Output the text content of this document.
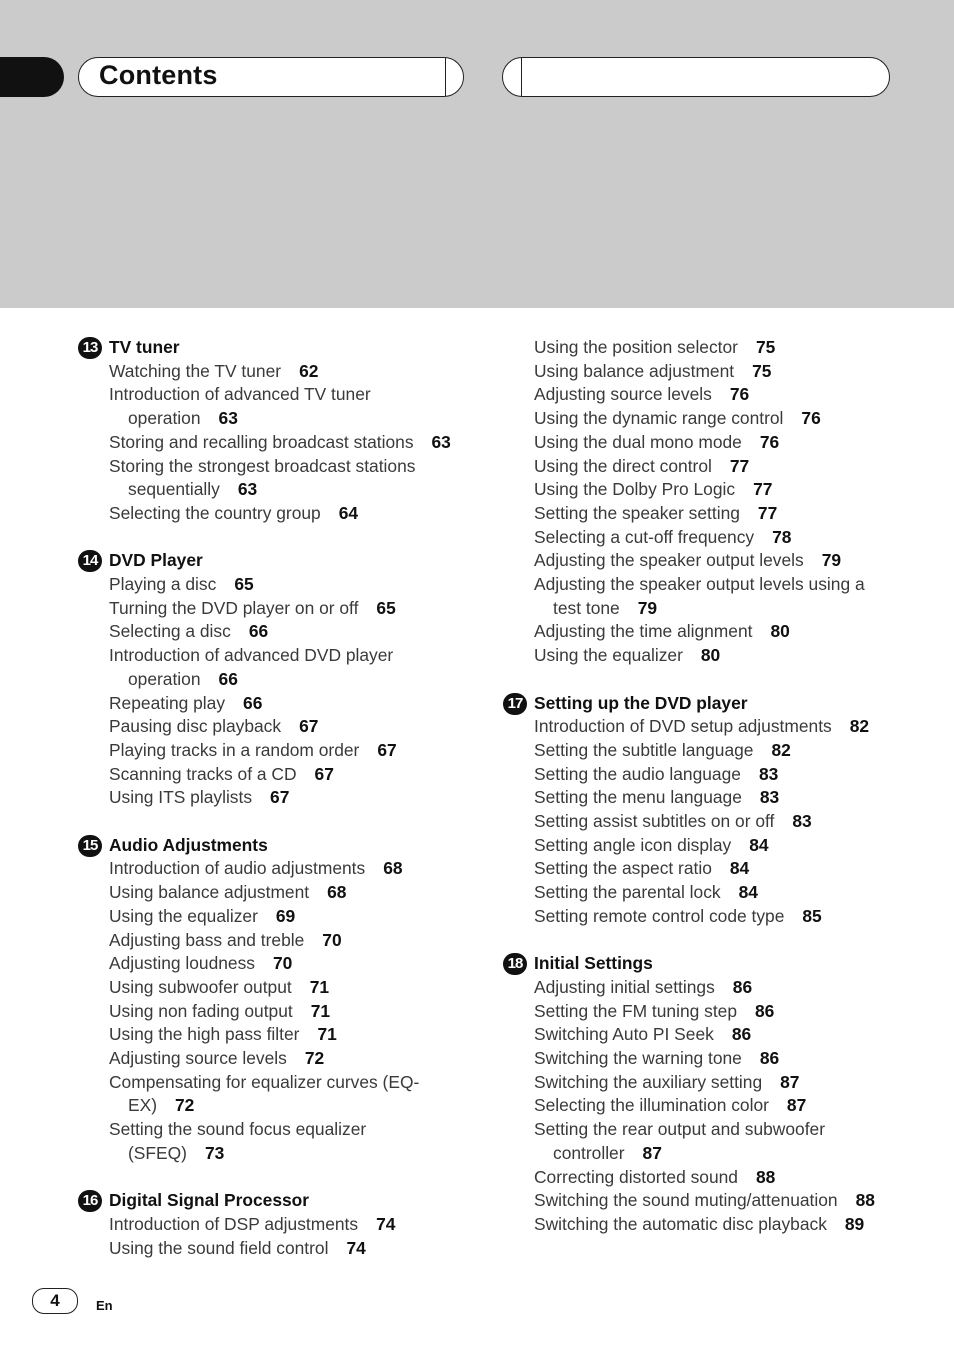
Contents
13 TV tuner
Watching the TV tuner 62
Introduction of advanced TV tuner
operation 63
Storing and recalling broadcast stations 63
Storing the strongest broadcast stations
sequentially 63
Selecting the country group 64
14 DVD Player
Playing a disc 65
Turning the DVD player on or off 65
Selecting a disc 66
Introduction of advanced DVD player
operation 66
Repeating play 66
Pausing disc playback 67
Playing tracks in a random order 67
Scanning tracks of a CD 67
Using ITS playlists 67
15 Audio Adjustments
Introduction of audio adjustments 68
Using balance adjustment 68
Using the equalizer 69
Adjusting bass and treble 70
Adjusting loudness 70
Using subwoofer output 71
Using non fading output 71
Using the high pass filter 71
Adjusting source levels 72
Compensating for equalizer curves (EQ-
EX) 72
Setting the sound focus equalizer
(SFEQ) 73
16 Digital Signal Processor
Introduction of DSP adjustments 74
Using the sound field control 74
Using the position selector 75
Using balance adjustment 75
Adjusting source levels 76
Using the dynamic range control 76
Using the dual mono mode 76
Using the direct control 77
Using the Dolby Pro Logic 77
Setting the speaker setting 77
Selecting a cut-off frequency 78
Adjusting the speaker output levels 79
Adjusting the speaker output levels using a
test tone 79
Adjusting the time alignment 80
Using the equalizer 80
17 Setting up the DVD player
Introduction of DVD setup adjustments 82
Setting the subtitle language 82
Setting the audio language 83
Setting the menu language 83
Setting assist subtitles on or off 83
Setting angle icon display 84
Setting the aspect ratio 84
Setting the parental lock 84
Setting remote control code type 85
18 Initial Settings
Adjusting initial settings 86
Setting the FM tuning step 86
Switching Auto PI Seek 86
Switching the warning tone 86
Switching the auxiliary setting 87
Selecting the illumination color 87
Setting the rear output and subwoofer
controller 87
Correcting distorted sound 88
Switching the sound muting/attenuation 88
Switching the automatic disc playback 89
4	En
